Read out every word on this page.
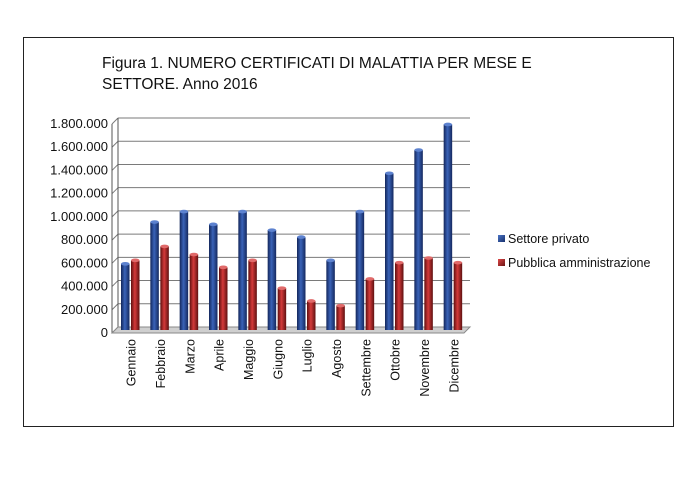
Figura 1. NUMERO CERTIFICATI DI MALATTIA PER MESE E
SETTORE. Anno 2016
0
200.000
400.000
600.000
800.000
1.000.000
1.200.000
1.400.000
1.600.000
1.800.000
Gennaio Febbraio Marzo Aprile Maggio Giugno Luglio Agosto Settembre Ottobre Novembre Dicembre
Settore privato
Pubblica amministrazione
